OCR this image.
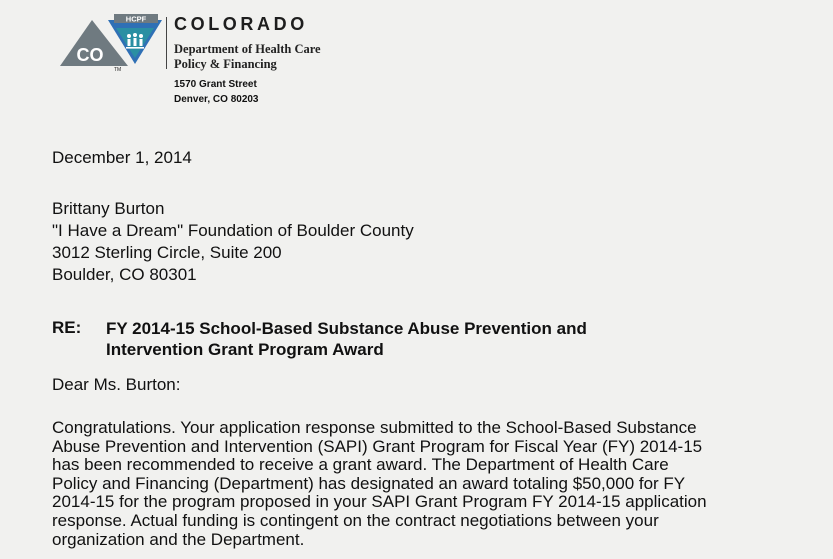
HCPF
CO
TM
COLORADO
Department of Health Care
Policy & Financing
1570 Grant Street
Denver, CO 80203
December 1, 2014
Brittany Burton
"I Have a Dream" Foundation of Boulder County
3012 Sterling Circle, Suite 200
Boulder, CO 80301
RE: FY 2014-15 School-Based Substance Abuse Prevention and
Intervention Grant Program Award
Dear Ms. Burton:
Congratulations. Your application response submitted to the School-Based Substance
Abuse Prevention and Intervention (SAPI) Grant Program for Fiscal Year (FY) 2014-15
has been recommended to receive a grant award. The Department of Health Care
Policy and Financing (Department) has designated an award totaling $50,000 for FY
2014-15 for the program proposed in your SAPI Grant Program FY 2014-15 application
response. Actual funding is contingent on the contract negotiations between your
organization and the Department.
